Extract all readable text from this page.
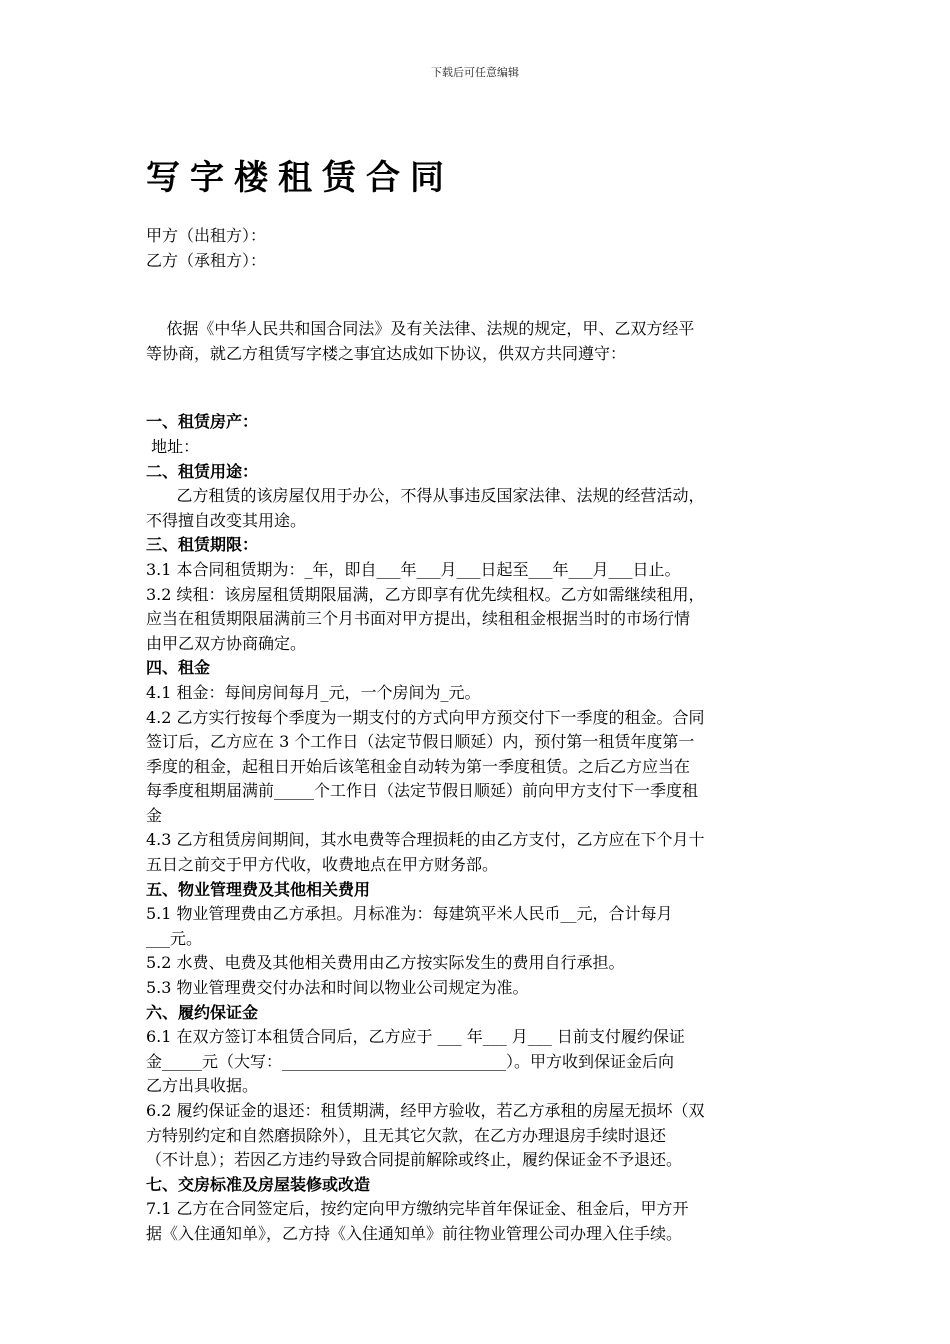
下载后可任意编辑
写字楼租赁合同
甲方（出租方）：
乙方（承租方）：
依据《中华人民共和国合同法》及有关法律、法规的规定，甲、乙双方经平
等协商，就乙方租赁写字楼之事宜达成如下协议，供双方共同遵守：
一、租赁房产：
地址：
二、租赁用途：
乙方租赁的该房屋仅用于办公，不得从事违反国家法律、法规的经营活动，
不得擅自改变其用途。
三、租赁期限：
3.1 本合同租赁期为：_年，即自___年___月___日起至___年___月___日止。
3.2 续租：该房屋租赁期限届满，乙方即享有优先续租权。乙方如需继续租用，
应当在租赁期限届满前三个月书面对甲方提出，续租租金根据当时的市场行情
由甲乙双方协商确定。
四、租金
4.1 租金：每间房间每月_元，一个房间为_元。
4.2 乙方实行按每个季度为一期支付的方式向甲方预交付下一季度的租金。合同
签订后，乙方应在 3 个工作日（法定节假日顺延）内，预付第一租赁年度第一
季度的租金，起租日开始后该笔租金自动转为第一季度租赁。之后乙方应当在
每季度租期届满前_____个工作日（法定节假日顺延）前向甲方支付下一季度租
金
4.3 乙方租赁房间期间，其水电费等合理损耗的由乙方支付，乙方应在下个月十
五日之前交于甲方代收，收费地点在甲方财务部。
五、物业管理费及其他相关费用
5.1 物业管理费由乙方承担。月标准为：每建筑平米人民币__元，合计每月
___元。
5.2 水费、电费及其他相关费用由乙方按实际发生的费用自行承担。
5.3 物业管理费交付办法和时间以物业公司规定为准。
六、履约保证金
6.1 在双方签订本租赁合同后，乙方应于 ___ 年___ 月___ 日前支付履约保证
金_____元（大写：____________________________）。甲方收到保证金后向
乙方出具收据。
6.2 履约保证金的退还：租赁期满，经甲方验收，若乙方承租的房屋无损坏（双
方特别约定和自然磨损除外），且无其它欠款，在乙方办理退房手续时退还
（不计息）；若因乙方违约导致合同提前解除或终止，履约保证金不予退还。
七、交房标准及房屋装修或改造
7.1 乙方在合同签定后，按约定向甲方缴纳完毕首年保证金、租金后，甲方开
据《入住通知单》，乙方持《入住通知单》前往物业管理公司办理入住手续。
